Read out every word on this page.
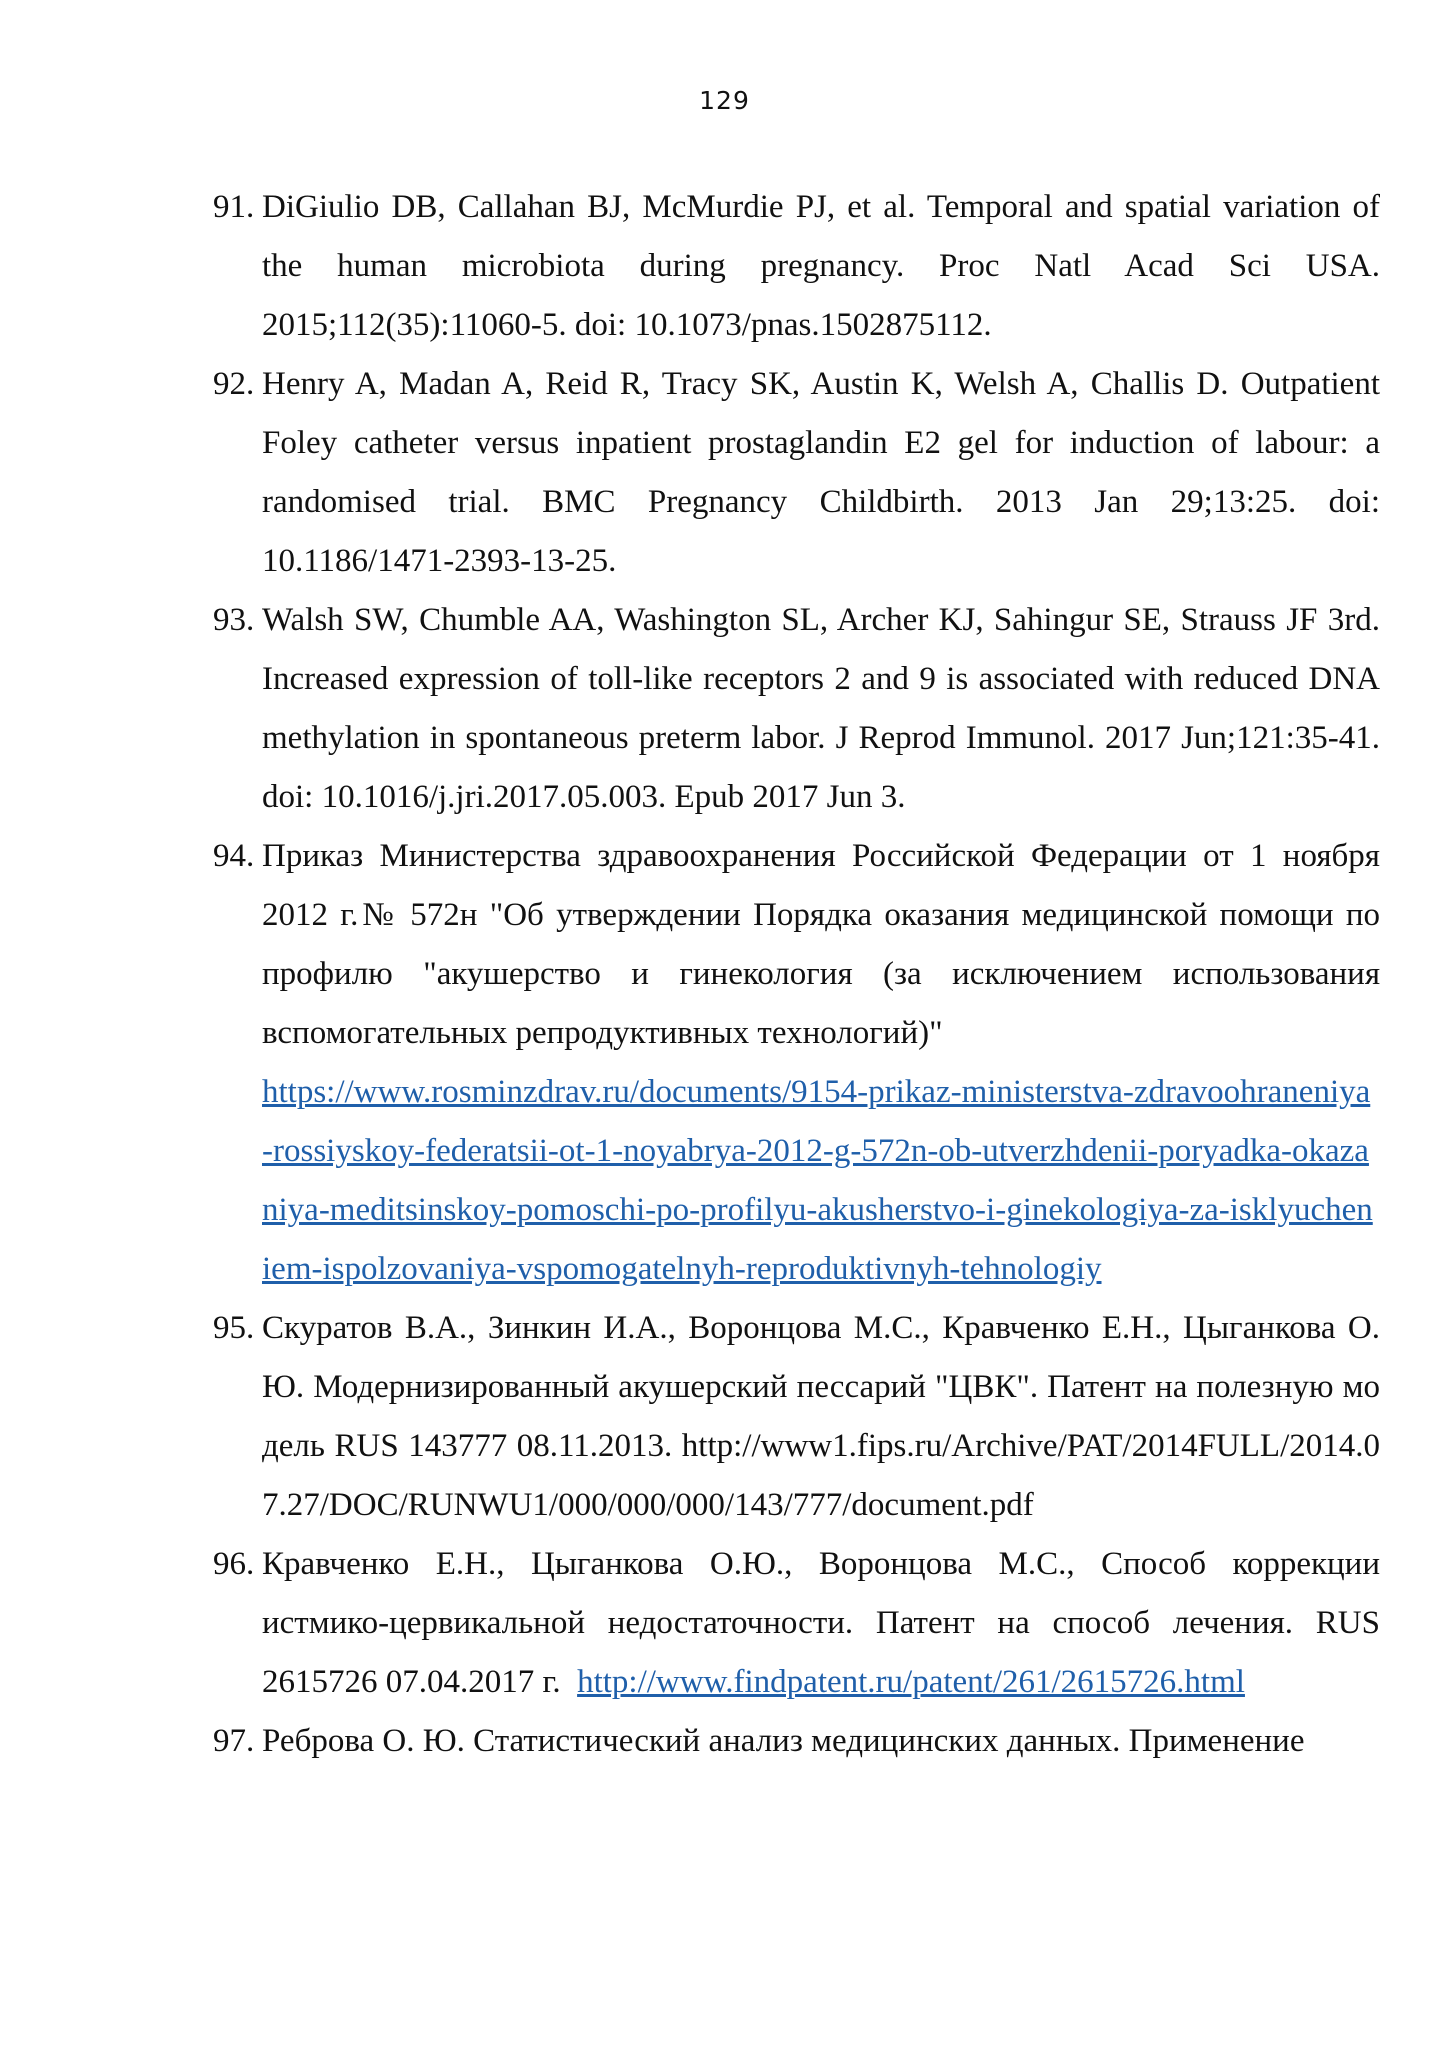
129
91. DiGiulio DB, Callahan BJ, McMurdie PJ, et al. Temporal and spatial variation of the human microbiota during pregnancy. Proc Natl Acad Sci USA. 2015;112(35):11060-5. doi: 10.1073/pnas.1502875112.
92. Henry A, Madan A, Reid R, Tracy SK, Austin K, Welsh A, Challis D. Outpatient Foley catheter versus inpatient prostaglandin E2 gel for induction of labour: a randomised trial. BMC Pregnancy Childbirth. 2013 Jan 29;13:25. doi: 10.1186/1471-2393-13-25.
93. Walsh SW, Chumble AA, Washington SL, Archer KJ, Sahingur SE, Strauss JF 3rd. Increased expression of toll-like receptors 2 and 9 is associated with reduced DNA methylation in spontaneous preterm labor. J Reprod Immunol. 2017 Jun;121:35-41. doi: 10.1016/j.jri.2017.05.003. Epub 2017 Jun 3.
94. Приказ Министерства здравоохранения Российской Федерации от 1 ноября 2012 г.№ 572н "Об утверждении Порядка оказания медицинской помощи по профилю "акушерство и гинекология (за исключением использования вспомогательных репродуктивных технологий)"
https://www.rosminzdrav.ru/documents/9154-prikaz-ministerstva-zdravoohraneniya-rossiyskoy-federatsii-ot-1-noyabrya-2012-g-572n-ob-utverzhdenii-poryadka-okazaniya-meditsinskoy-pomoschi-po-profilyu-akusherstvo-i-ginekologiya-za-isklyucheniem-ispolzovaniya-vspomogatelnyh-reproduktivnyh-tehnologiy
95. Скуратов В.А., Зинкин И.А., Воронцова М.С., Кравченко Е.Н., Цыганкова О.Ю. Модернизированный акушерский пессарий "ЦВК". Патент на полезную модель RUS 143777 08.11.2013. http://www1.fips.ru/Archive/PAT/2014FULL/2014.07.27/DOC/RUNWU1/000/000/000/143/777/document.pdf
96. Кравченко Е.Н., Цыганкова О.Ю., Воронцова М.С., Способ коррекции истмико-цервикальной недостаточности. Патент на способ лечения. RUS 2615726 07.04.2017 г. http://www.findpatent.ru/patent/261/2615726.html
97. Реброва О. Ю. Статистический анализ медицинских данных. Применение
